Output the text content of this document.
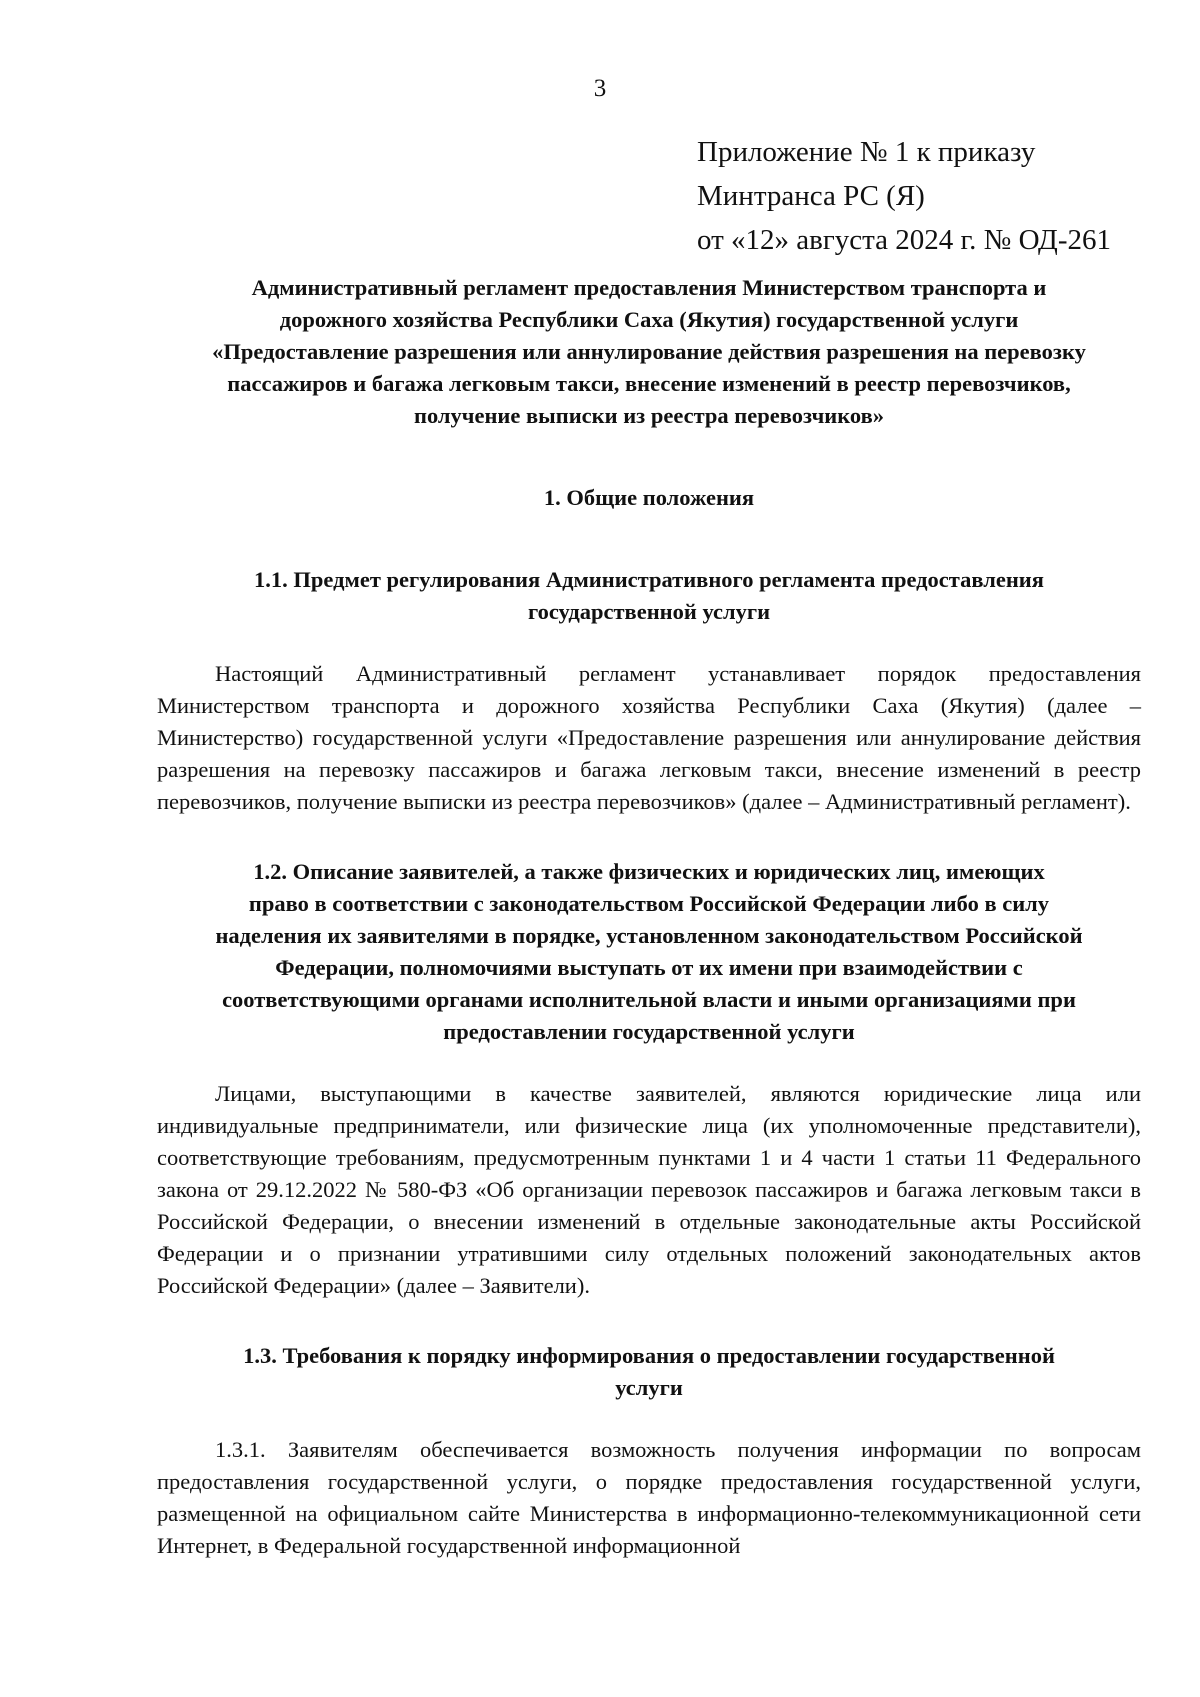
3
Приложение № 1 к приказу
Минтранса РС (Я)
от «12» августа 2024 г. № ОД-261
Административный регламент предоставления Министерством транспорта и
дорожного хозяйства Республики Саха (Якутия) государственной услуги
«Предоставление разрешения или аннулирование действия разрешения на перевозку
пассажиров и багажа легковым такси, внесение изменений в реестр перевозчиков,
получение выписки из реестра перевозчиков»
1. Общие положения
1.1. Предмет регулирования Административного регламента предоставления
государственной услуги

Настоящий Административный регламент устанавливает порядок предоставления Министерством транспорта и дорожного хозяйства Республики Саха (Якутия) (далее – Министерство) государственной услуги «Предоставление разрешения или аннулирование действия разрешения на перевозку пассажиров и багажа легковым такси, внесение изменений в реестр перевозчиков, получение выписки из реестра перевозчиков» (далее – Административный регламент).

1.2. Описание заявителей, а также физических и юридических лиц, имеющих
право в соответствии с законодательством Российской Федерации либо в силу
наделения их заявителями в порядке, установленном законодательством Российской
Федерации, полномочиями выступать от их имени при взаимодействии с
соответствующими органами исполнительной власти и иными организациями при
предоставлении государственной услуги

Лицами, выступающими в качестве заявителей, являются юридические лица или индивидуальные предприниматели, или физические лица (их уполномоченные представители), соответствующие требованиям, предусмотренным пунктами 1 и 4 части 1 статьи 11 Федерального закона от 29.12.2022 № 580-ФЗ «Об организации перевозок пассажиров и багажа легковым такси в Российской Федерации, о внесении изменений в отдельные законодательные акты Российской Федерации и о признании утратившими силу отдельных положений законодательных актов Российской Федерации» (далее – Заявители).

1.3. Требования к порядку информирования о предоставлении государственной
услуги

1.3.1. Заявителям обеспечивается возможность получения информации по вопросам предоставления государственной услуги, о порядке предоставления государственной услуги, размещенной на официальном сайте Министерства в информационно-телекоммуникационной сети Интернет, в Федеральной государственной информационной
